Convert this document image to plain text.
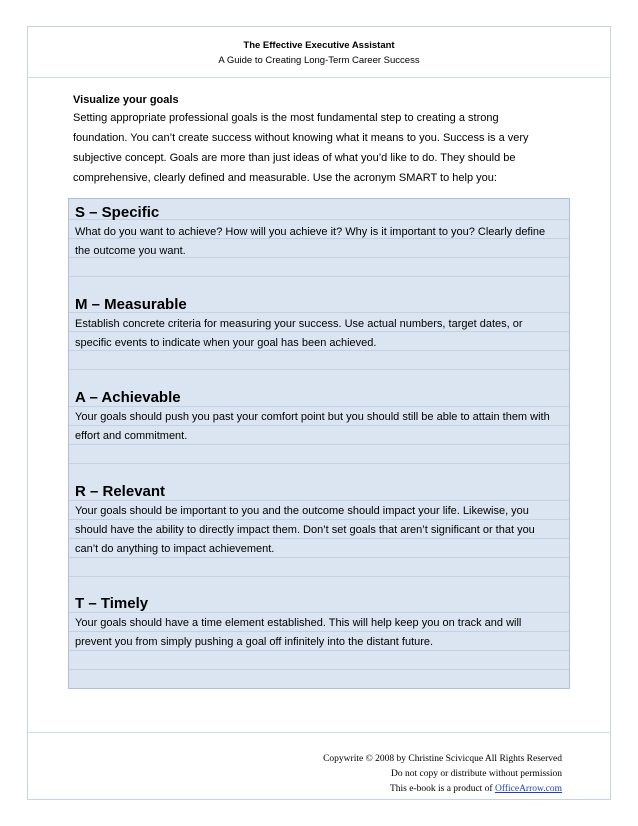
The Effective Executive Assistant
A Guide to Creating Long-Term Career Success
Visualize your goals
Setting appropriate professional goals is the most fundamental step to creating a strong foundation. You can’t create success without knowing what it means to you. Success is a very subjective concept. Goals are more than just ideas of what you’d like to do. They should be comprehensive, clearly defined and measurable. Use the acronym SMART to help you:
S – Specific
What do you want to achieve? How will you achieve it? Why is it important to you? Clearly define the outcome you want.
M – Measurable
Establish concrete criteria for measuring your success. Use actual numbers, target dates, or specific events to indicate when your goal has been achieved.
A – Achievable
Your goals should push you past your comfort point but you should still be able to attain them with effort and commitment.
R – Relevant
Your goals should be important to you and the outcome should impact your life. Likewise, you should have the ability to directly impact them. Don’t set goals that aren’t significant or that you can’t do anything to impact achievement.
T – Timely
Your goals should have a time element established. This will help keep you on track and will prevent you from simply pushing a goal off infinitely into the distant future.
Copywrite © 2008 by Christine Scivicque All Rights Reserved
Do not copy or distribute without permission
This e-book is a product of OfficeArrow.com
